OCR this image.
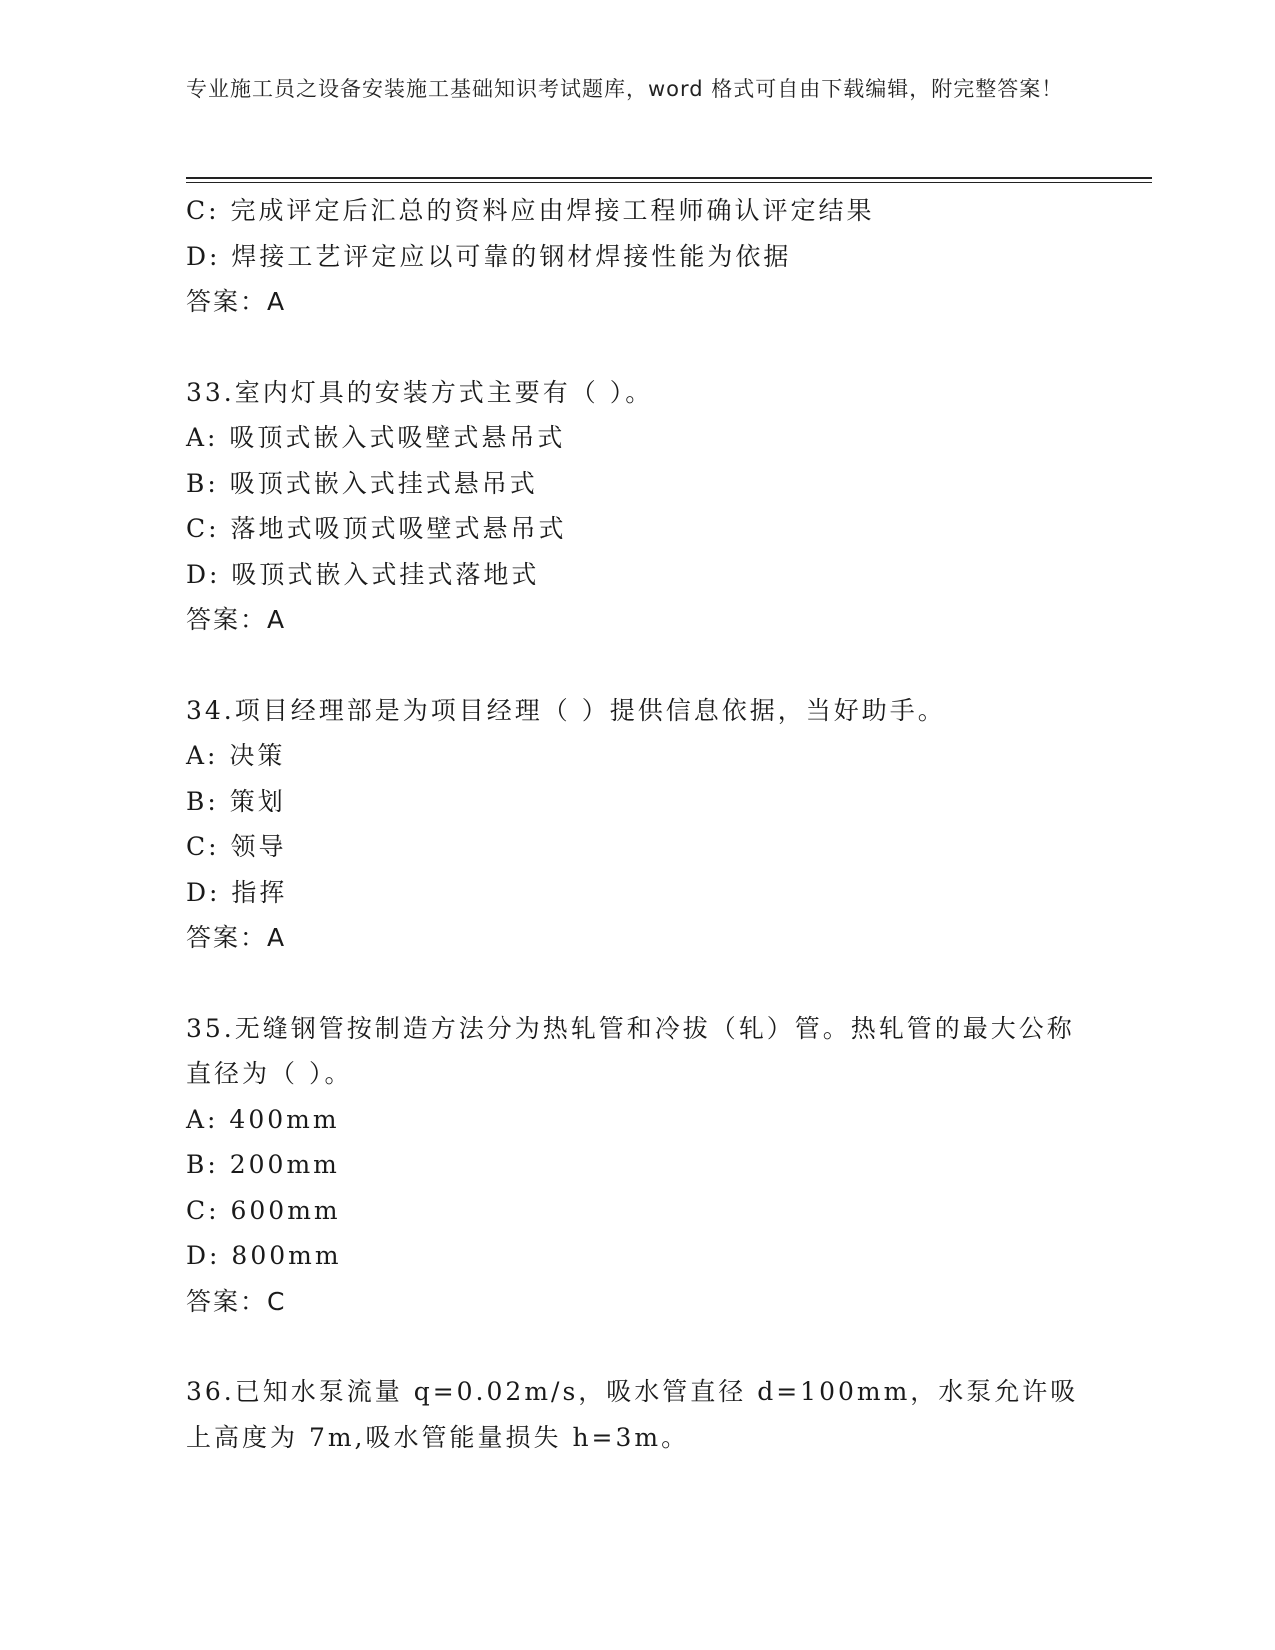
专业施工员之设备安装施工基础知识考试题库，word 格式可自由下载编辑，附完整答案！
C: 完成评定后汇总的资料应由焊接工程师确认评定结果
D: 焊接工艺评定应以可靠的钢材焊接性能为依据
答案：A
33.室内灯具的安装方式主要有（ ）。
A: 吸顶式嵌入式吸壁式悬吊式
B: 吸顶式嵌入式挂式悬吊式
C: 落地式吸顶式吸壁式悬吊式
D: 吸顶式嵌入式挂式落地式
答案：A
34.项目经理部是为项目经理（ ）提供信息依据，当好助手。
A: 决策
B: 策划
C: 领导
D: 指挥
答案：A
35.无缝钢管按制造方法分为热轧管和冷拔（轧）管。热轧管的最大公称直径为（ ）。
A: 400mm
B: 200mm
C: 600mm
D: 800mm
答案：C
36.已知水泵流量 q=0.02m/s，吸水管直径 d=100mm，水泵允许吸上高度为 7m,吸水管能量损失 h=3m。
